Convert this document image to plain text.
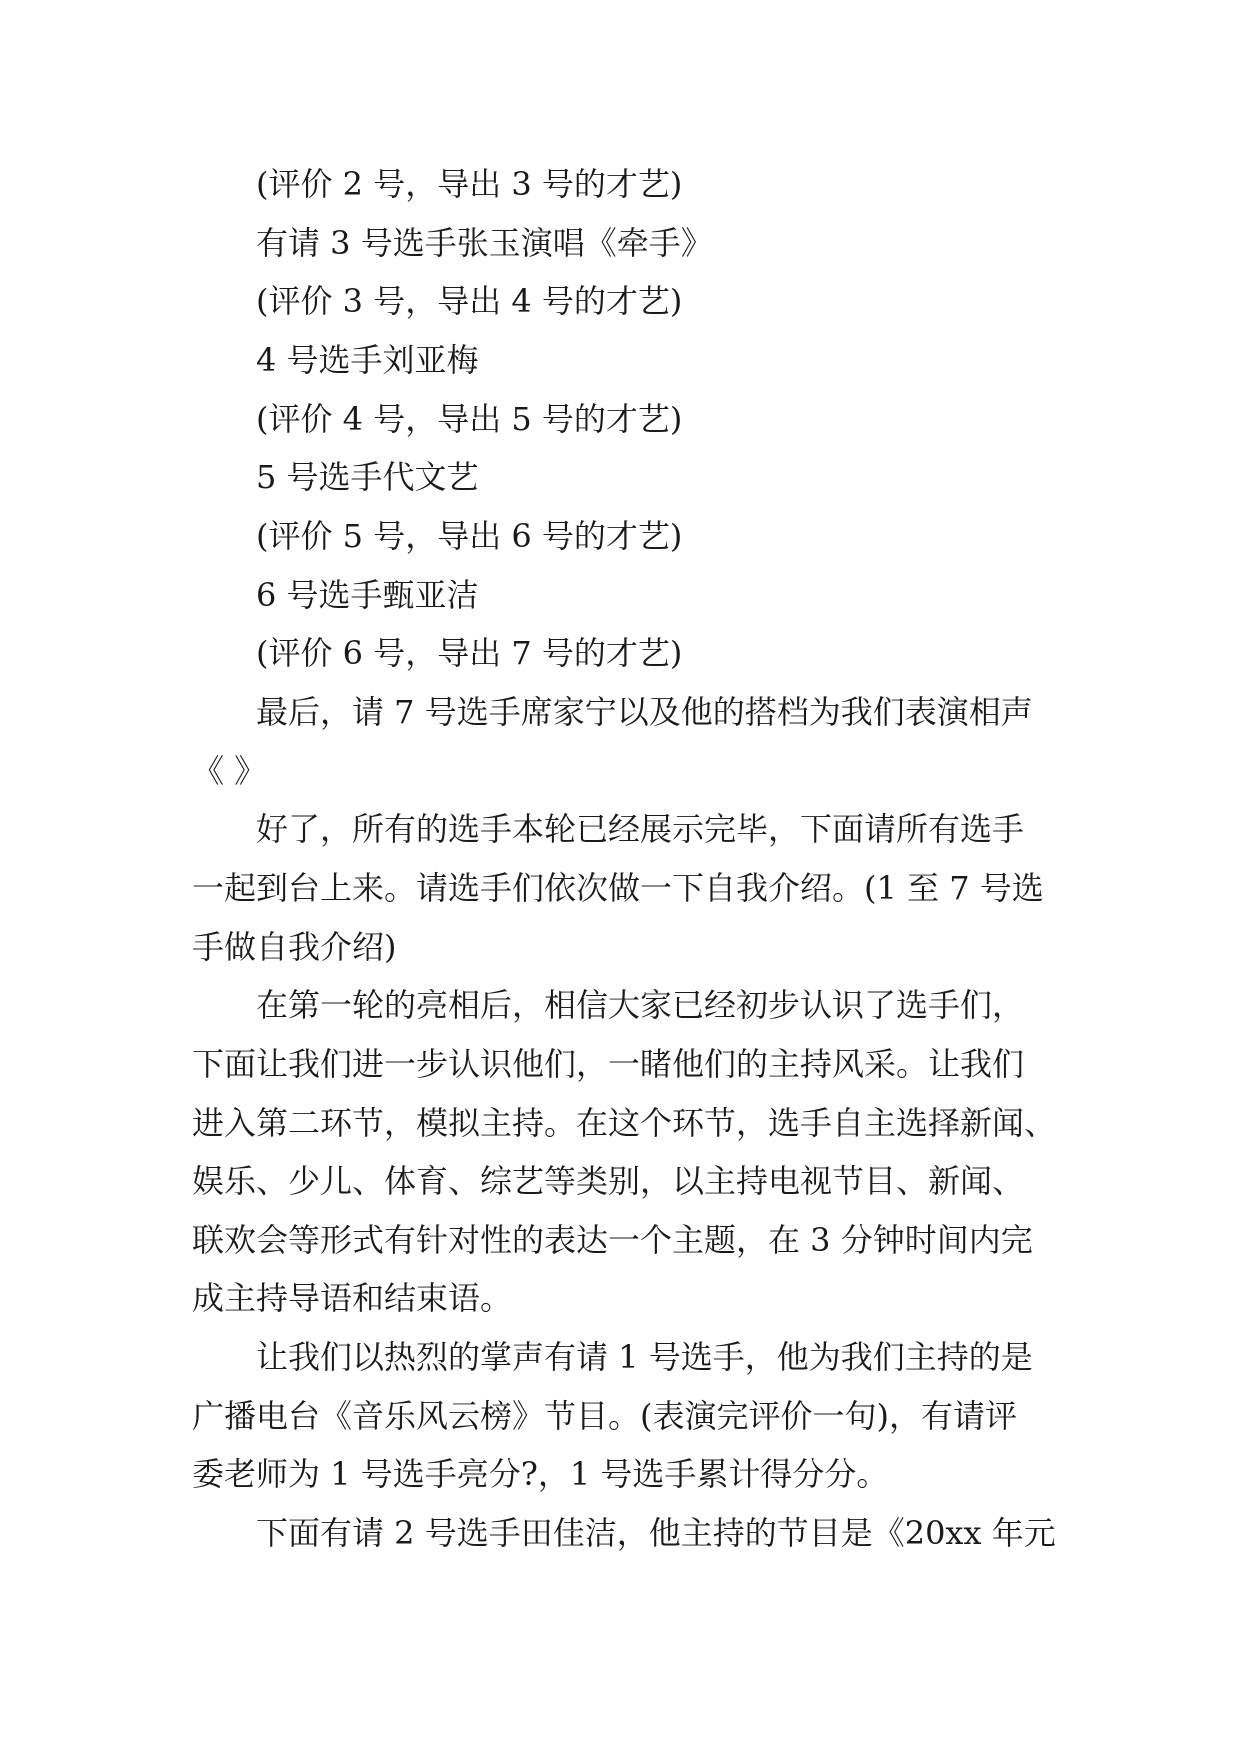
(评价 2 号，导出 3 号的才艺)
有请 3 号选手张玉演唱《牵手》
(评价 3 号，导出 4 号的才艺)
4 号选手刘亚梅
(评价 4 号，导出 5 号的才艺)
5 号选手代文艺
(评价 5 号，导出 6 号的才艺)
6 号选手甄亚洁
(评价 6 号，导出 7 号的才艺)
最后，请 7 号选手席家宁以及他的搭档为我们表演相声
《 》
好了，所有的选手本轮已经展示完毕，下面请所有选手
一起到台上来。请选手们依次做一下自我介绍。(1 至 7 号选
手做自我介绍)
在第一轮的亮相后，相信大家已经初步认识了选手们，
下面让我们进一步认识他们，一睹他们的主持风采。让我们
进入第二环节，模拟主持。在这个环节，选手自主选择新闻、
娱乐、少儿、体育、综艺等类别，以主持电视节目、新闻、
联欢会等形式有针对性的表达一个主题，在 3 分钟时间内完
成主持导语和结束语。
让我们以热烈的掌声有请 1 号选手，他为我们主持的是
广播电台《音乐风云榜》节目。(表演完评价一句)，有请评
委老师为 1 号选手亮分?，1 号选手累计得分分。
下面有请 2 号选手田佳洁，他主持的节目是《20xx 年元
